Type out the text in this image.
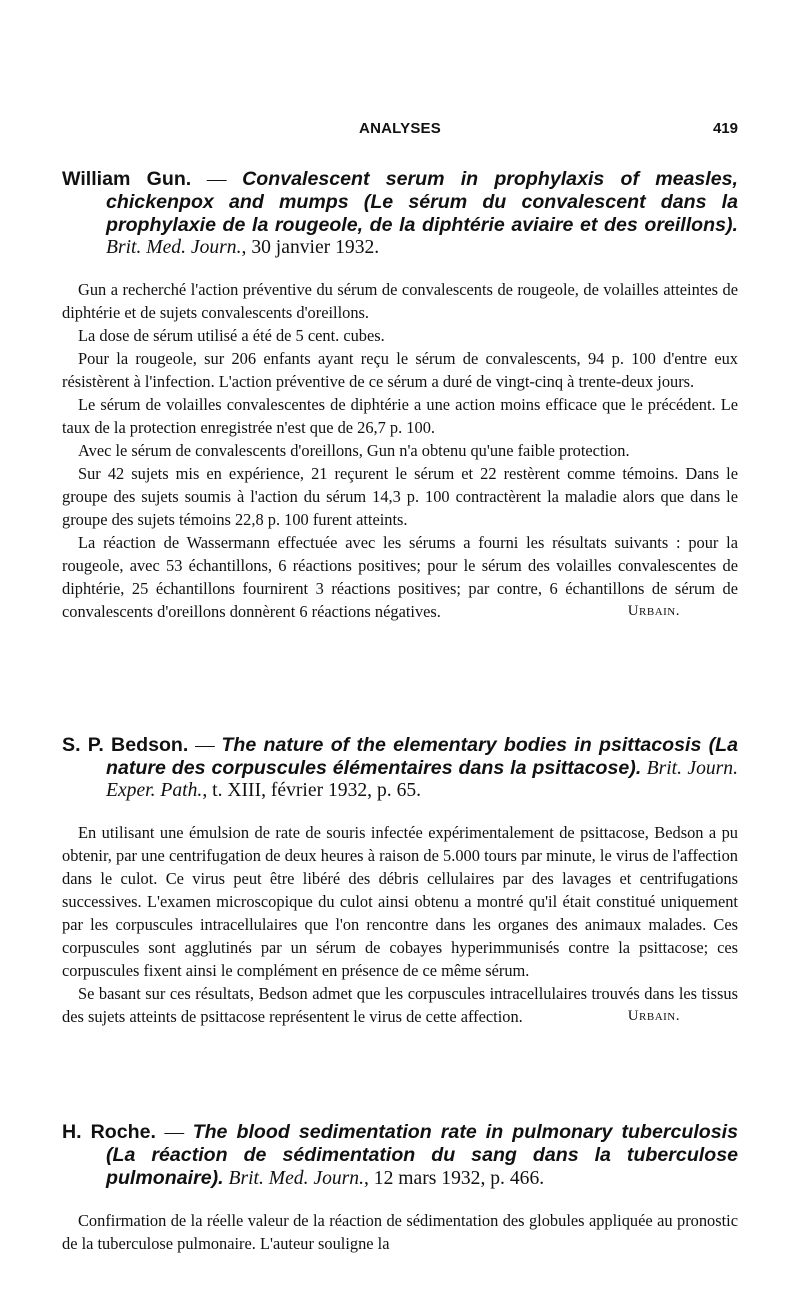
ANALYSES	419
William Gun. — Convalescent serum in prophylaxis of measles, chickenpox and mumps (Le sérum du convalescent dans la prophylaxie de la rougeole, de la diphtérie aviaire et des oreillons). Brit. Med. Journ., 30 janvier 1932.

Gun a recherché l'action préventive du sérum de convalescents de rougeole, de volailles atteintes de diphtérie et de sujets convalescents d'oreillons.

La dose de sérum utilisé a été de 5 cent. cubes.

Pour la rougeole, sur 206 enfants ayant reçu le sérum de convalescents, 94 p. 100 d'entre eux résistèrent à l'infection. L'action préventive de ce sérum a duré de vingt-cinq à trente-deux jours.

Le sérum de volailles convalescentes de diphtérie a une action moins efficace que le précédent. Le taux de la protection enregistrée n'est que de 26,7 p. 100.

Avec le sérum de convalescents d'oreillons, Gun n'a obtenu qu'une faible protection.

Sur 42 sujets mis en expérience, 21 reçurent le sérum et 22 restèrent comme témoins. Dans le groupe des sujets soumis à l'action du sérum 14,3 p. 100 contractèrent la maladie alors que dans le groupe des sujets témoins 22,8 p. 100 furent atteints.

La réaction de Wassermann effectuée avec les sérums a fourni les résultats suivants : pour la rougeole, avec 53 échantillons, 6 réactions positives; pour le sérum des volailles convalescentes de diphtérie, 25 échantillons fournirent 3 réactions positives; par contre, 6 échantillons de sérum de convalescents d'oreillons donnèrent 6 réactions négatives.	Urbain.

S. P. Bedson. — The nature of the elementary bodies in psittacosis (La nature des corpuscules élémentaires dans la psittacose). Brit. Journ. Exper. Path., t. XIII, février 1932, p. 65.

En utilisant une émulsion de rate de souris infectée expérimentalement de psittacose, Bedson a pu obtenir, par une centrifugation de deux heures à raison de 5.000 tours par minute, le virus de l'affection dans le culot. Ce virus peut être libéré des débris cellulaires par des lavages et centrifugations successives. L'examen microscopique du culot ainsi obtenu a montré qu'il était constitué uniquement par les corpuscules intracellulaires que l'on rencontre dans les organes des animaux malades. Ces corpuscules sont agglutinés par un sérum de cobayes hyperimmunisés contre la psittacose; ces corpuscules fixent ainsi le complément en présence de ce même sérum.

Se basant sur ces résultats, Bedson admet que les corpuscules intracellulaires trouvés dans les tissus des sujets atteints de psittacose représentent le virus de cette affection.	Urbain.

H. Roche. — The blood sedimentation rate in pulmonary tuberculosis (La réaction de sédimentation du sang dans la tuberculose pulmonaire). Brit. Med. Journ., 12 mars 1932, p. 466.

Confirmation de la réelle valeur de la réaction de sédimentation des globules appliquée au pronostic de la tuberculose pulmonaire. L'auteur souligne la
